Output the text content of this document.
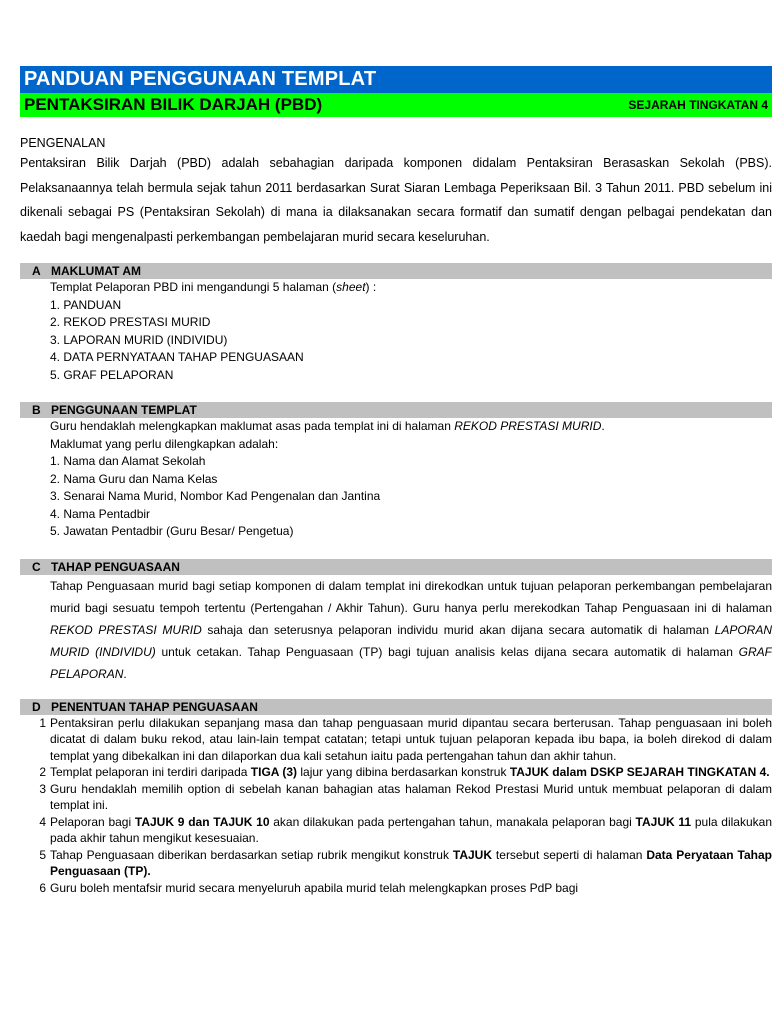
PANDUAN PENGGUNAAN TEMPLAT
PENTAKSIRAN BILIK DARJAH (PBD)	SEJARAH TINGKATAN 4
PENGENALAN

Pentaksiran Bilik Darjah (PBD) adalah sebahagian daripada komponen didalam Pentaksiran Berasaskan Sekolah (PBS). Pelaksanaannya telah bermula sejak tahun 2011 berdasarkan Surat Siaran Lembaga Peperiksaan Bil. 3 Tahun 2011. PBD sebelum ini dikenali sebagai PS (Pentaksiran Sekolah) di mana ia dilaksanakan secara formatif dan sumatif dengan pelbagai pendekatan dan kaedah bagi mengenalpasti perkembangan pembelajaran murid secara keseluruhan.

A MAKLUMAT AM
Templat Pelaporan PBD ini mengandungi 5 halaman (sheet) :
1. PANDUAN
2. REKOD PRESTASI MURID
3. LAPORAN MURID (INDIVIDU)
4. DATA PERNYATAAN TAHAP PENGUASAAN
5. GRAF PELAPORAN
B PENGGUNAAN TEMPLAT
Guru hendaklah melengkapkan maklumat asas pada templat ini di halaman REKOD PRESTASI MURID.
Maklumat yang perlu dilengkapkan adalah:
1. Nama dan Alamat Sekolah
2. Nama Guru dan Nama Kelas
3. Senarai Nama Murid, Nombor Kad Pengenalan dan Jantina
4. Nama Pentadbir
5. Jawatan Pentadbir (Guru Besar/ Pengetua)
C TAHAP PENGUASAAN

Tahap Penguasaan murid bagi setiap komponen di dalam templat ini direkodkan untuk tujuan pelaporan perkembangan pembelajaran murid bagi sesuatu tempoh tertentu (Pertengahan / Akhir Tahun). Guru hanya perlu merekodkan Tahap Penguasaan ini di halaman REKOD PRESTASI MURID sahaja dan seterusnya pelaporan individu murid akan dijana secara automatik di halaman LAPORAN MURID (INDIVIDU) untuk cetakan. Tahap Penguasaan (TP) bagi tujuan analisis kelas dijana secara automatik di halaman GRAF PELAPORAN.

D PENENTUAN TAHAP PENGUASAAN
1 Pentaksiran perlu dilakukan sepanjang masa dan tahap penguasaan murid dipantau secara berterusan. Tahap penguasaan ini boleh dicatat di dalam buku rekod, atau lain-lain tempat catatan; tetapi untuk tujuan pelaporan kepada ibu bapa, ia boleh direkod di dalam templat yang dibekalkan ini dan dilaporkan dua kali setahun iaitu pada pertengahan tahun dan akhir tahun.
2 Templat pelaporan ini terdiri daripada TIGA (3) lajur yang dibina berdasarkan konstruk TAJUK dalam DSKP SEJARAH TINGKATAN 4.
3 Guru hendaklah memilih option di sebelah kanan bahagian atas halaman Rekod Prestasi Murid untuk membuat pelaporan di dalam templat ini.
4 Pelaporan bagi TAJUK 9 dan TAJUK 10 akan dilakukan pada pertengahan tahun, manakala pelaporan bagi TAJUK 11 pula dilakukan pada akhir tahun mengikut kesesuaian.
5 Tahap Penguasaan diberikan berdasarkan setiap rubrik mengikut konstruk TAJUK tersebut seperti di halaman Data Peryataan Tahap Penguasaan (TP).
6 Guru boleh mentafsir murid secara menyeluruh apabila murid telah melengkapkan proses PdP bagi
